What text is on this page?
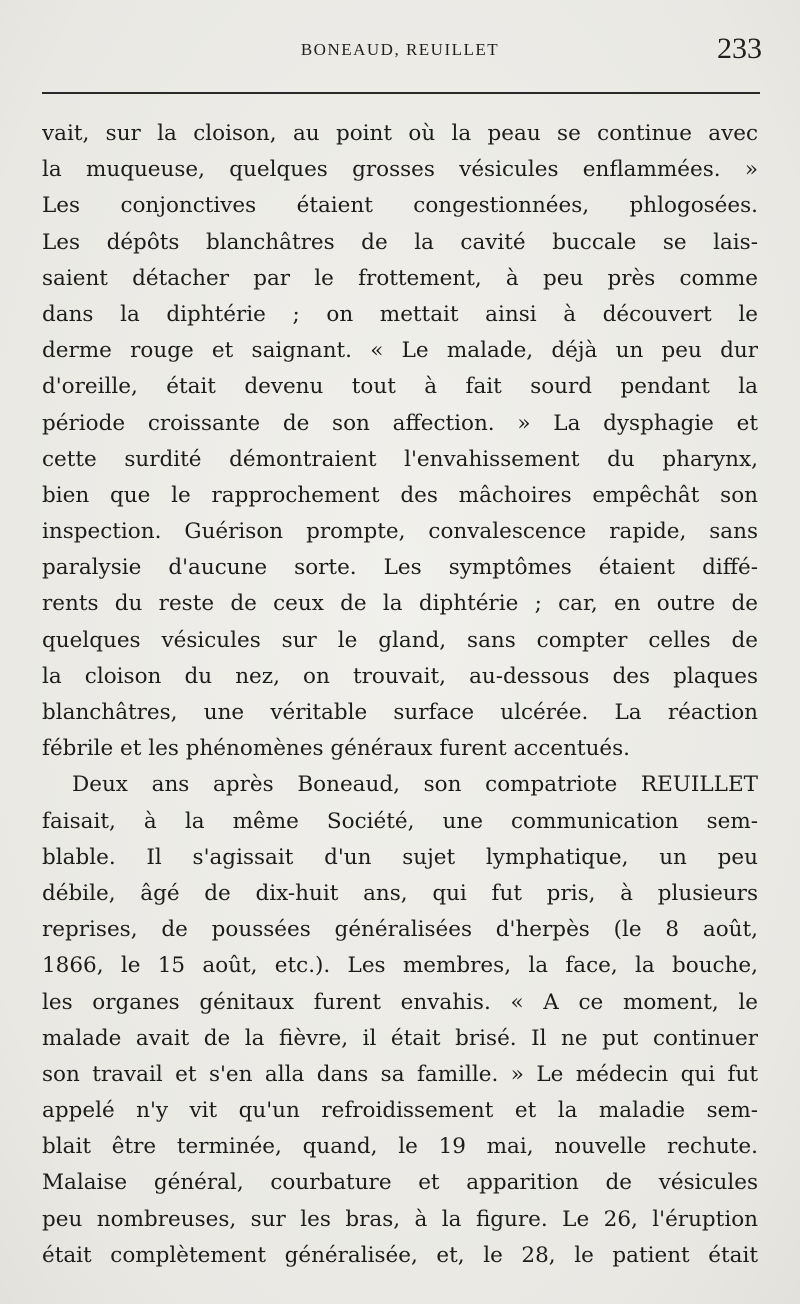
BONEAUD, REUILLET	233
vait, sur la cloison, au point où la peau se continue avec
la muqueuse, quelques grosses vésicules enflammées. »
Les conjonctives étaient congestionnées, phlogosées.
Les dépôts blanchâtres de la cavité buccale se lais-
saient détacher par le frottement, à peu près comme
dans la diphtérie ; on mettait ainsi à découvert le
derme rouge et saignant. « Le malade, déjà un peu dur
d'oreille, était devenu tout à fait sourd pendant la
période croissante de son affection. » La dysphagie et
cette surdité démontraient l'envahissement du pharynx,
bien que le rapprochement des mâchoires empêchât son
inspection. Guérison prompte, convalescence rapide, sans
paralysie d'aucune sorte. Les symptômes étaient diffé-
rents du reste de ceux de la diphtérie ; car, en outre de
quelques vésicules sur le gland, sans compter celles de
la cloison du nez, on trouvait, au-dessous des plaques
blanchâtres, une véritable surface ulcérée. La réaction
fébrile et les phénomènes généraux furent accentués.
Deux ans après Boneaud, son compatriote REUILLET
faisait, à la même Société, une communication sem-
blable. Il s'agissait d'un sujet lymphatique, un peu
débile, âgé de dix-huit ans, qui fut pris, à plusieurs
reprises, de poussées généralisées d'herpès (le 8 août,
1866, le 15 août, etc.). Les membres, la face, la bouche,
les organes génitaux furent envahis. « A ce moment, le
malade avait de la fièvre, il était brisé. Il ne put continuer
son travail et s'en alla dans sa famille. » Le médecin qui fut
appelé n'y vit qu'un refroidissement et la maladie sem-
blait être terminée, quand, le 19 mai, nouvelle rechute.
Malaise général, courbature et apparition de vésicules
peu nombreuses, sur les bras, à la figure. Le 26, l'éruption
était complètement généralisée, et, le 28, le patient était
